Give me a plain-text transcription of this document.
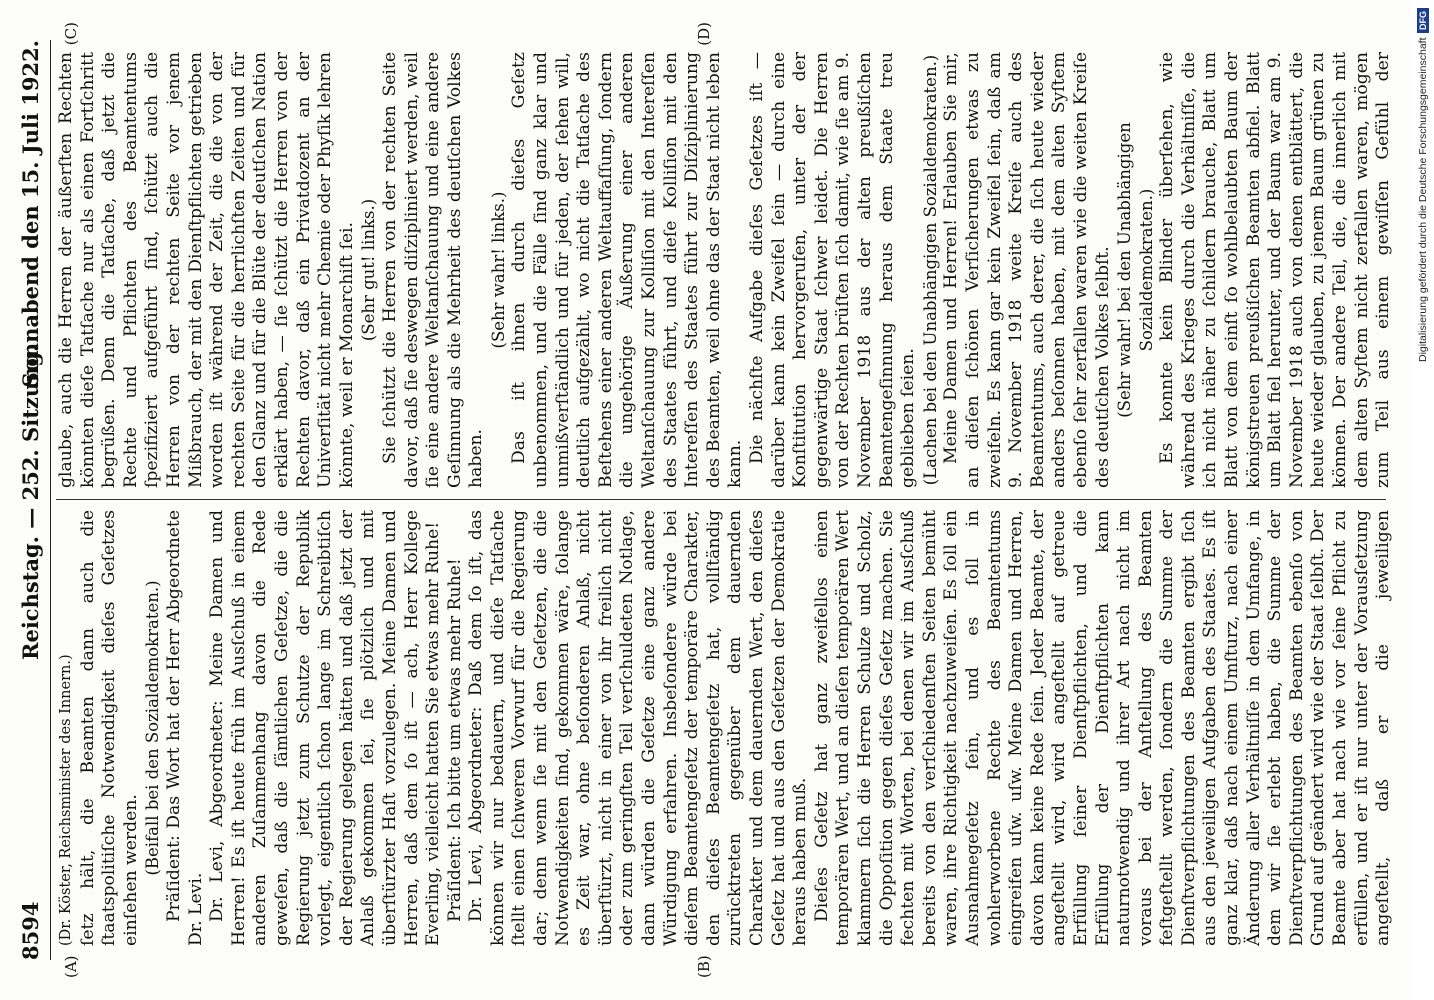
8594
Reichstag. — 252. Sitzung.
Sonnabend den 15. Juli 1922.
(A)	(B)
(C)	(D)

(Dr. Köster, Reichsminister des Innern.) ſetz hält, die Beamten dann auch die ſtaatspolitiſche Notwendigkeit dieſes Geſetzes einſehen werden. (Beifall bei den Sozialdemokraten.) Präſident: Das Wort hat der Herr Abgeordnete Dr. Levi. Dr. Levi, Abgeordneter: Meine Damen und Herren! Es iſt heute früh im Ausſchuß in einem anderen Zuſammenhang davon die Rede geweſen, daß die ſämtlichen Geſetze, die die Regierung jetzt zum Schutze der Republik vorlegt, eigentlich ſchon lange im Schreibtiſch der Regierung gelegen hätten und daß jetzt der Anlaß gekommen ſei, ſie plötzlich und mit überſtürzter Haſt vorzulegen. Meine Damen und Herren, daß dem ſo iſt — ach, Herr Kollege Everling, vielleicht hatten Sie etwas mehr Ruhe! Präſident: Ich bitte um etwas mehr Ruhe! Dr. Levi, Abgeordneter: Daß dem ſo iſt, das können wir nur bedauern, und dieſe Tatſache ſtellt einen ſchweren Vorwurf für die Regierung dar; denn wenn ſie mit den Geſetzen, die die Notwendigkeiten ſind, gekommen wäre, ſolange es Zeit war, ohne beſonderen Anlaß, nicht überſtürzt, nicht in einer von ihr freilich nicht oder zum geringſten Teil verſchuldeten Notlage, dann würden die Geſetze eine ganz andere Würdigung erfahren. Insbeſondere würde bei dieſem Beamtengeſetz der temporäre Charakter, den dieſes Beamtengeſetz hat, vollſtändig zurücktreten gegenüber dem dauernden Charakter und dem dauernden Wert, den dieſes Geſetz hat und aus den Geſetzen der Demokratie heraus haben muß. Dieſes Geſetz hat ganz zweifellos einen temporären Wert, und an dieſen temporären Wert klammern ſich die Herren Schulze und Scholz, die Oppoſition gegen dieſes Geſetz machen. Sie fechten mit Worten, bei denen wir im Ausſchuß bereits von den verſchiedenſten Seiten bemüht waren, ihre Richtigkeit nachzuweiſen. Es ſoll ein Ausnahmegeſetz ſein, und es ſoll in wohlerworbene Rechte des Beamtentums eingreifen uſw. uſw. Meine Damen und Herren, davon kann keine Rede ſein. Jeder Beamte, der angeſtellt wird, wird angeſtellt auf getreue Erfüllung ſeiner Dienſtpflichten, und die Erfüllung der Dienſtpflichten kann naturnotwendig und ihrer Art nach nicht im voraus bei der Anſtellung des Beamten feſtgeſtellt werden, ſondern die Summe der Dienſtverpflichtungen des Beamten ergibt ſich aus den jeweiligen Aufgaben des Staates. Es iſt ganz klar, daß nach einem Umſturz, nach einer Änderung aller Verhältniſſe in dem Umfange, in dem wir ſie erlebt haben, die Summe der Dienſtverpflichtungen des Beamten ebenſo von Grund auf geändert wird wie der Staat ſelbſt. Der Beamte aber hat nach wie vor ſeine Pflicht zu erfüllen, und er iſt nur unter der Vorausſetzung angeſtellt, daß er die jeweiligen

glaube, auch die Herren der äußerſten Rechten könnten dieſe Tatſache nur als einen Fortſchritt begrüßen. Denn die Tatſache, daß jetzt die Rechte und Pflichten des Beamtentums ſpezifiziert aufgeführt ſind, ſchützt auch die Herren von der rechten Seite vor jenem Mißbrauch, der mit den Dienſtpflichten getrieben worden iſt während der Zeit, die die von der rechten Seite für die herrlichſten Zeiten und für den Glanz und für die Blüte der deutſchen Nation erklärt haben, — ſie ſchützt die Herren von der Rechten davor, daß ein Privatdozent an der Univerſität nicht mehr Chemie oder Phyſik lehren könnte, weil er Monarchiſt ſei. (Sehr gut! links.) Sie ſchützt die Herren von der rechten Seite davor, daß ſie deswegen diſzipliniert werden, weil ſie eine andere Weltanſchauung und eine andere Geſinnung als die Mehrheit des deutſchen Volkes haben.

(Sehr wahr! links.) Das iſt ihnen durch dieſes Geſetz unbenommen, und die Fälle ſind ganz klar und unmißverſtändlich und für jeden, der ſehen will, deutlich aufgezählt, wo nicht die Tatſache des Beſtehens einer anderen Weltauffaſſung, ſondern die ungehörige Äußerung einer anderen Weltanſchauung zur Kolliſion mit den Intereſſen des Staates führt, und dieſe Kolliſion mit den Intereſſen des Staates führt zur Diſziplinierung des Beamten, weil ohne das der Staat nicht leben kann. Die nächſte Aufgabe dieſes Geſetzes iſt — darüber kann kein Zweifel ſein — durch eine Konſtitution hervorgerufen, unter der der gegenwärtige Staat ſchwer leidet. Die Herren von der Rechten brüſten ſich damit, wie ſie am 9. November 1918 aus der alten preußiſchen Beamtengeſinnung heraus dem Staate treu geblieben ſeien. (Lachen bei den Unabhängigen Sozialdemokraten.) Meine Damen und Herren! Erlauben Sie mir, an dieſen ſchönen Verſicherungen etwas zu zweifeln. Es kann gar kein Zweifel ſein, daß am 9. November 1918 weite Kreiſe auch des Beamtentums, auch derer, die ſich heute wieder anders beſonnen haben, mit dem alten Syſtem ebenſo ſehr zerfallen waren wie die weiten Kreiſe des deutſchen Volkes ſelbſt. (Sehr wahr! bei den Unabhängigen Sozialdemokraten.)

Es konnte kein Blinder überſehen, wie während des Krieges durch die Verhältniſſe, die ich nicht näher zu ſchildern brauche, Blatt um Blatt von dem einſt ſo wohlbelaubten Baum der königstreuen preußiſchen Beamten abfiel. Blatt um Blatt fiel herunter, und der Baum war am 9. November 1918 auch von denen entblättert, die heute wieder glauben, zu jenem Baum grünen zu können. Der andere Teil, die, die innerlich mit dem alten Syſtem nicht zerfallen waren, mögen zum Teil aus einem gewiſſen Gefühl der	Digitalisierung gefördert durch die Deutsche Forschungsgemeinschaft
DFG
